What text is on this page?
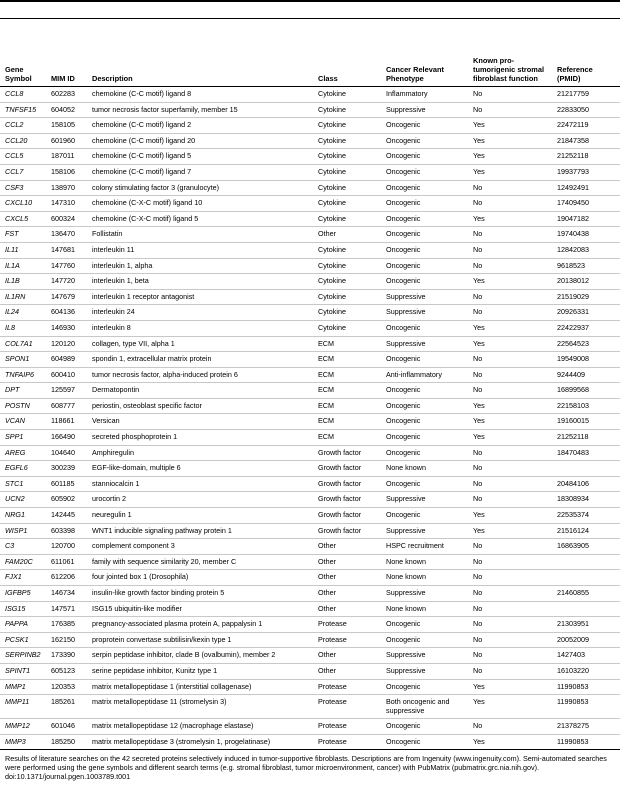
Gene Symbol	MIM ID	Description	Class	Cancer Relevant Phenotype	Known pro-tumorigenic stromal fibroblast function	Reference (PMID)
CCL8	602283	chemokine (C-C motif) ligand 8	Cytokine	Inflammatory	No	21217759
TNFSF15	604052	tumor necrosis factor superfamily, member 15	Cytokine	Suppressive	No	22833050
CCL2	158105	chemokine (C-C motif) ligand 2	Cytokine	Oncogenic	Yes	22472119
CCL20	601960	chemokine (C-C motif) ligand 20	Cytokine	Oncogenic	Yes	21847358
CCL5	187011	chemokine (C-C motif) ligand 5	Cytokine	Oncogenic	Yes	21252118
CCL7	158106	chemokine (C-C motif) ligand 7	Cytokine	Oncogenic	Yes	19937793
CSF3	138970	colony stimulating factor 3 (granulocyte)	Cytokine	Oncogenic	No	12492491
CXCL10	147310	chemokine (C-X-C motif) ligand 10	Cytokine	Oncogenic	No	17409450
CXCL5	600324	chemokine (C-X-C motif) ligand 5	Cytokine	Oncogenic	Yes	19047182
FST	136470	Follistatin	Other	Oncogenic	No	19740438
IL11	147681	interleukin 11	Cytokine	Oncogenic	No	12842083
IL1A	147760	interleukin 1, alpha	Cytokine	Oncogenic	No	9618523
IL1B	147720	interleukin 1, beta	Cytokine	Oncogenic	Yes	20138012
IL1RN	147679	interleukin 1 receptor antagonist	Cytokine	Suppressive	No	21519029
IL24	604136	interleukin 24	Cytokine	Suppressive	No	20926331
IL8	146930	interleukin 8	Cytokine	Oncogenic	Yes	22422937
COL7A1	120120	collagen, type VII, alpha 1	ECM	Suppressive	Yes	22564523
SPON1	604989	spondin 1, extracellular matrix protein	ECM	Oncogenic	No	19549008
TNFAIP6	600410	tumor necrosis factor, alpha-induced protein 6	ECM	Anti-inflammatory	No	9244409
DPT	125597	Dermatopontin	ECM	Oncogenic	No	16899568
POSTN	608777	periostin, osteoblast specific factor	ECM	Oncogenic	Yes	22158103
VCAN	118661	Versican	ECM	Oncogenic	Yes	19160015
SPP1	166490	secreted phosphoprotein 1	ECM	Oncogenic	Yes	21252118
AREG	104640	Amphiregulin	Growth factor	Oncogenic	No	18470483
EGFL6	300239	EGF-like-domain, multiple 6	Growth factor	None known	No	
STC1	601185	stanniocalcin 1	Growth factor	Oncogenic	No	20484106
UCN2	605902	urocortin 2	Growth factor	Suppressive	No	18308934
NRG1	142445	neuregulin 1	Growth factor	Oncogenic	Yes	22535374
WISP1	603398	WNT1 inducible signaling pathway protein 1	Growth factor	Suppressive	Yes	21516124
C3	120700	complement component 3	Other	HSPC recruitment	No	16863905
FAM20C	611061	family with sequence similarity 20, member C	Other	None known	No	
FJX1	612206	four jointed box 1 (Drosophila)	Other	None known	No	
IGFBP5	146734	insulin-like growth factor binding protein 5	Other	Suppressive	No	21460855
ISG15	147571	ISG15 ubiquitin-like modifier	Other	None known	No	
PAPPA	176385	pregnancy-associated plasma protein A, pappalysin 1	Protease	Oncogenic	No	21303951
PCSK1	162150	proprotein convertase subtilisin/kexin type 1	Protease	Oncogenic	No	20052009
SERPINB2	173390	serpin peptidase inhibitor, clade B (ovalbumin), member 2	Other	Suppressive	No	1427403
SPINT1	605123	serine peptidase inhibitor, Kunitz type 1	Other	Suppressive	No	16103220
MMP1	120353	matrix metallopeptidase 1 (interstitial collagenase)	Protease	Oncogenic	Yes	11990853
MMP11	185261	matrix metallopeptidase 11 (stromelysin 3)	Protease	Both oncogenic and suppressive	Yes	11990853
MMP12	601046	matrix metallopeptidase 12 (macrophage elastase)	Protease	Oncogenic	No	21378275
MMP3	185250	matrix metallopeptidase 3 (stromelysin 1, progelatinase)	Protease	Oncogenic	Yes	11990853

Results of literature searches on the 42 secreted proteins selectively induced in tumor-supportive fibroblasts. Descriptions are from Ingenuity (www.ingenuity.com). Semi-automated searches were performed using the gene symbols and different search terms (e.g. stromal fibroblast, tumor microenvironment, cancer) with PubMatrix (pubmatrix.grc.nia.nih.gov).

doi:10.1371/journal.pgen.1003789.t001
